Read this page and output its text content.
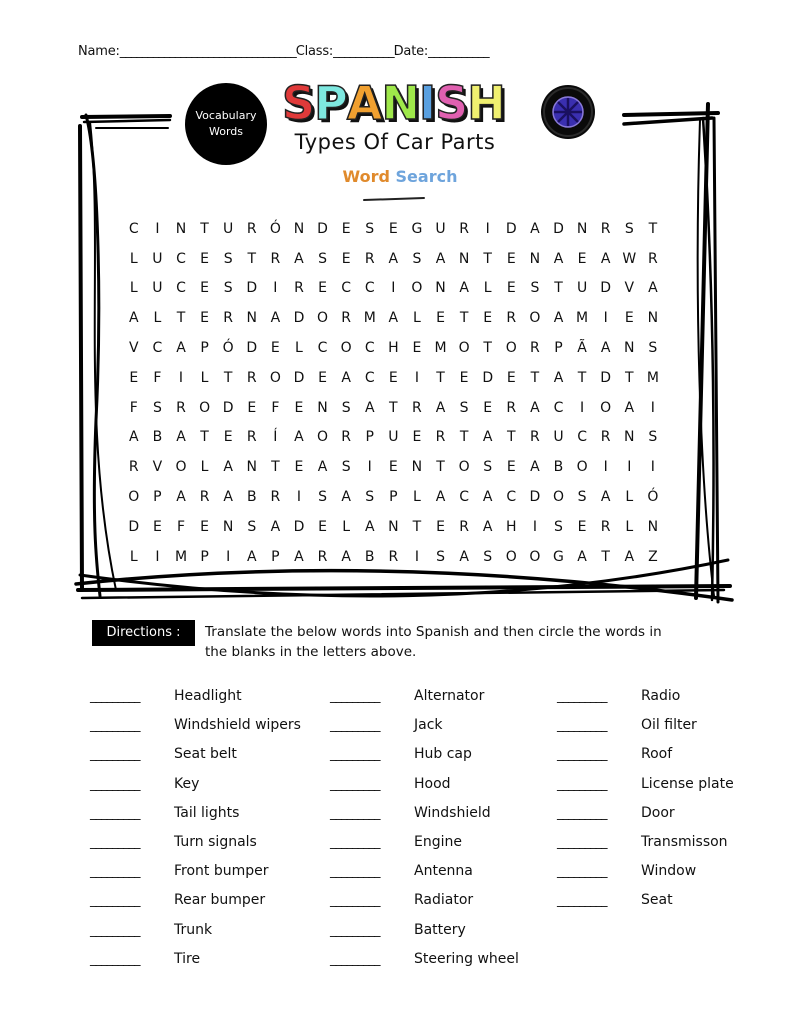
Name:________________________________Class:___________Date:___________
Vocabulary
Words
S P A N I S H
Types Of Car Parts
Word Search
C	I	N	T	U R Ó N D E	S	E G U R	I	D A D N R	S	T
L	U C	E	S	T	R A	S	E	R A	S	A N	T	E N A	E	A W R
L	U C	E	S D	I	R	E	C C	I	O N A	L	E	S	T	U D V	A
A	L	T	E	R N A D O R M A	L	E	T	E	R O A M	I	E N
V C A	P Ó D E	L	C O C H E M O T O R	P	Ã	A N S
E	F	I	L	T	R O D E	A C	E	I	T	E D E	T	A	T D T M
F	S	R O D E	F	E N S	A	T	R A	S	E	R A C	I	O A	I
A	B	A	T	E	R	Í	A O R	P	U	E	R	T	A	T	R U C R N S
R V O	L	A N	T	E	A	S	I	E N	T O S	E	A	B O	I	I	I
O P	A R A	B R	I	S	A	S	P	L	A C A C D O S	A	L	Ó
D E	F	E N S	A D E	L	A N	T	E	R A H	I	S	E	R	L	N
L	I	M P	I	A	P	A R A	B R	I	S	A	S O O G A	T	A	Z
Directions :	Translate the below words into Spanish and then circle the words in the blanks in the letters above.
_________	Headlight
_________	Windshield wipers
_________	Seat belt
_________	Key
_________	Tail lights
_________	Turn signals
_________	Front bumper
_________	Rear bumper
_________	Trunk
_________	Tire
_________	Alternator
_________	Jack
_________	Hub cap
_________	Hood
_________	Windshield
_________	Engine
_________	Antenna
_________	Radiator
_________	Battery
_________	Steering wheel
_________	Radio
_________	Oil filter
_________	Roof
_________	License plate
_________	Door
_________	Transmisson
_________	Window
_________	Seat
